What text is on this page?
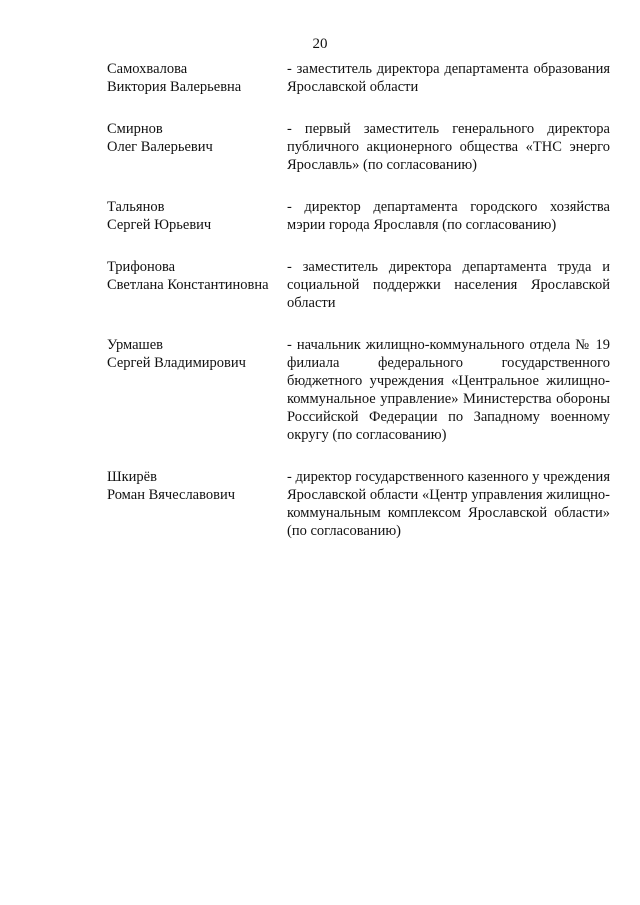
20
Самохвалова
Виктория Валерьевна
- заместитель директора департамента образования Ярославской области
Смирнов
Олег Валерьевич
- первый заместитель генерального директора публичного акционерного общества «ТНС энерго Ярославль» (по согласованию)
Тальянов
Сергей Юрьевич
- директор департамента городского хозяйства мэрии города Ярославля (по согласованию)
Трифонова
Светлана Константиновна
- заместитель директора департамента труда и социальной поддержки населения Ярославской области
Урмашев
Сергей Владимирович
- начальник жилищно-коммунального отдела № 19 филиала федерального государственного бюджетного учреждения «Центральное жилищно-коммунальное управление» Министерства обороны Российской Федерации по Западному военному округу (по согласованию)
Шкирёв
Роман Вячеславович
- директор государственного казенного у чреждения Ярославской области «Центр управления жилищно-коммунальным комплексом Ярославской области» (по согласованию)
